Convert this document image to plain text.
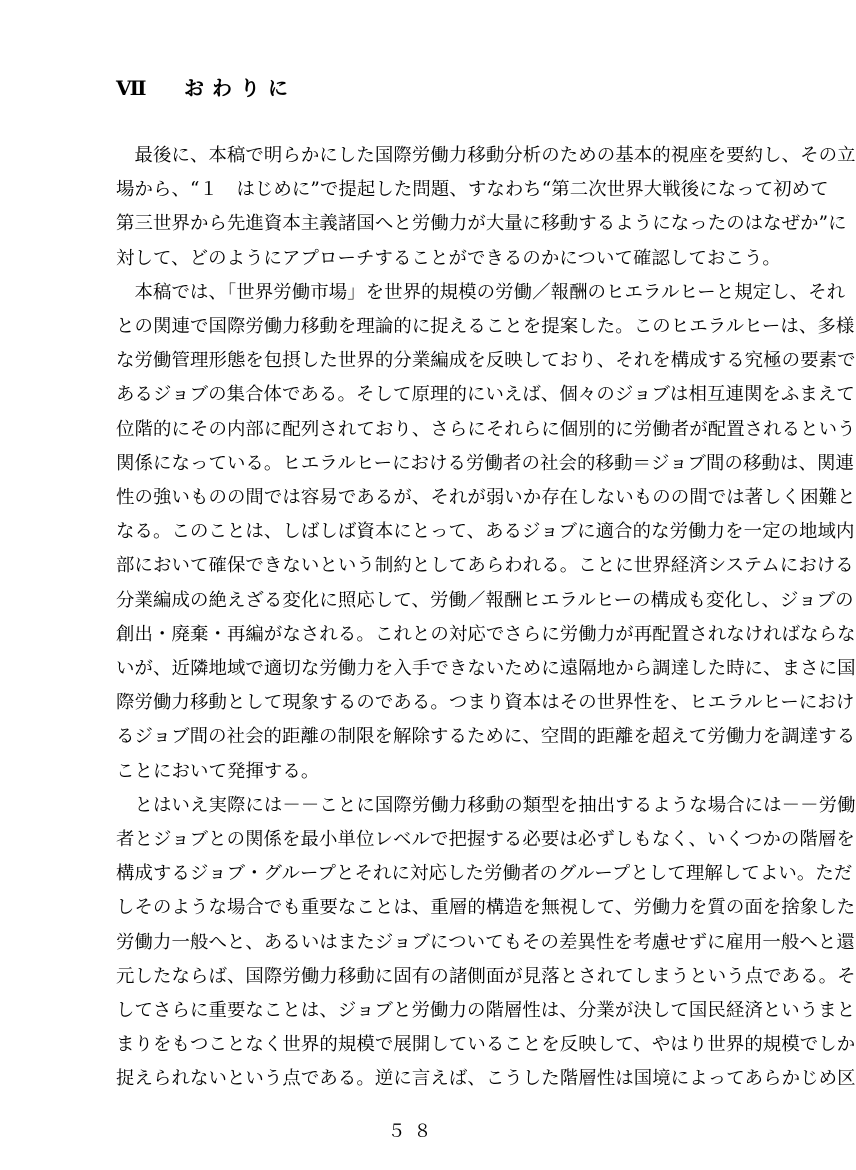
Ⅶ おわりに
　最後に、本稿で明らかにした国際労働力移動分析のための基本的視座を要約し、その立
場から、“１　はじめに”で提起した問題、すなわち“第二次世界大戦後になって初めて
第三世界から先進資本主義諸国へと労働力が大量に移動するようになったのはなぜか”に
対して、どのようにアプローチすることができるのかについて確認しておこう。
　本稿では、「世界労働市場」を世界的規模の労働／報酬のヒエラルヒーと規定し、それ
との関連で国際労働力移動を理論的に捉えることを提案した。このヒエラルヒーは、多様
な労働管理形態を包摂した世界的分業編成を反映しており、それを構成する究極の要素で
あるジョブの集合体である。そして原理的にいえば、個々のジョブは相互連関をふまえて
位階的にその内部に配列されており、さらにそれらに個別的に労働者が配置されるという
関係になっている。ヒエラルヒーにおける労働者の社会的移動＝ジョブ間の移動は、関連
性の強いものの間では容易であるが、それが弱いか存在しないものの間では著しく困難と
なる。このことは、しばしば資本にとって、あるジョブに適合的な労働力を一定の地域内
部において確保できないという制約としてあらわれる。ことに世界経済システムにおける
分業編成の絶えざる変化に照応して、労働／報酬ヒエラルヒーの構成も変化し、ジョブの
創出・廃棄・再編がなされる。これとの対応でさらに労働力が再配置されなければならな
いが、近隣地域で適切な労働力を入手できないために遠隔地から調達した時に、まさに国
際労働力移動として現象するのである。つまり資本はその世界性を、ヒエラルヒーにおけ
るジョブ間の社会的距離の制限を解除するために、空間的距離を超えて労働力を調達する
ことにおいて発揮する。
　とはいえ実際には－－ことに国際労働力移動の類型を抽出するような場合には－－労働
者とジョブとの関係を最小単位レベルで把握する必要は必ずしもなく、いくつかの階層を
構成するジョブ・グループとそれに対応した労働者のグループとして理解してよい。ただ
しそのような場合でも重要なことは、重層的構造を無視して、労働力を質の面を捨象した
労働力一般へと、あるいはまたジョブについてもその差異性を考慮せずに雇用一般へと還
元したならば、国際労働力移動に固有の諸側面が見落とされてしまうという点である。そ
してさらに重要なことは、ジョブと労働力の階層性は、分業が決して国民経済というまと
まりをもつことなく世界的規模で展開していることを反映して、やはり世界的規模でしか
捉えられないという点である。逆に言えば、こうした階層性は国境によってあらかじめ区
５８
